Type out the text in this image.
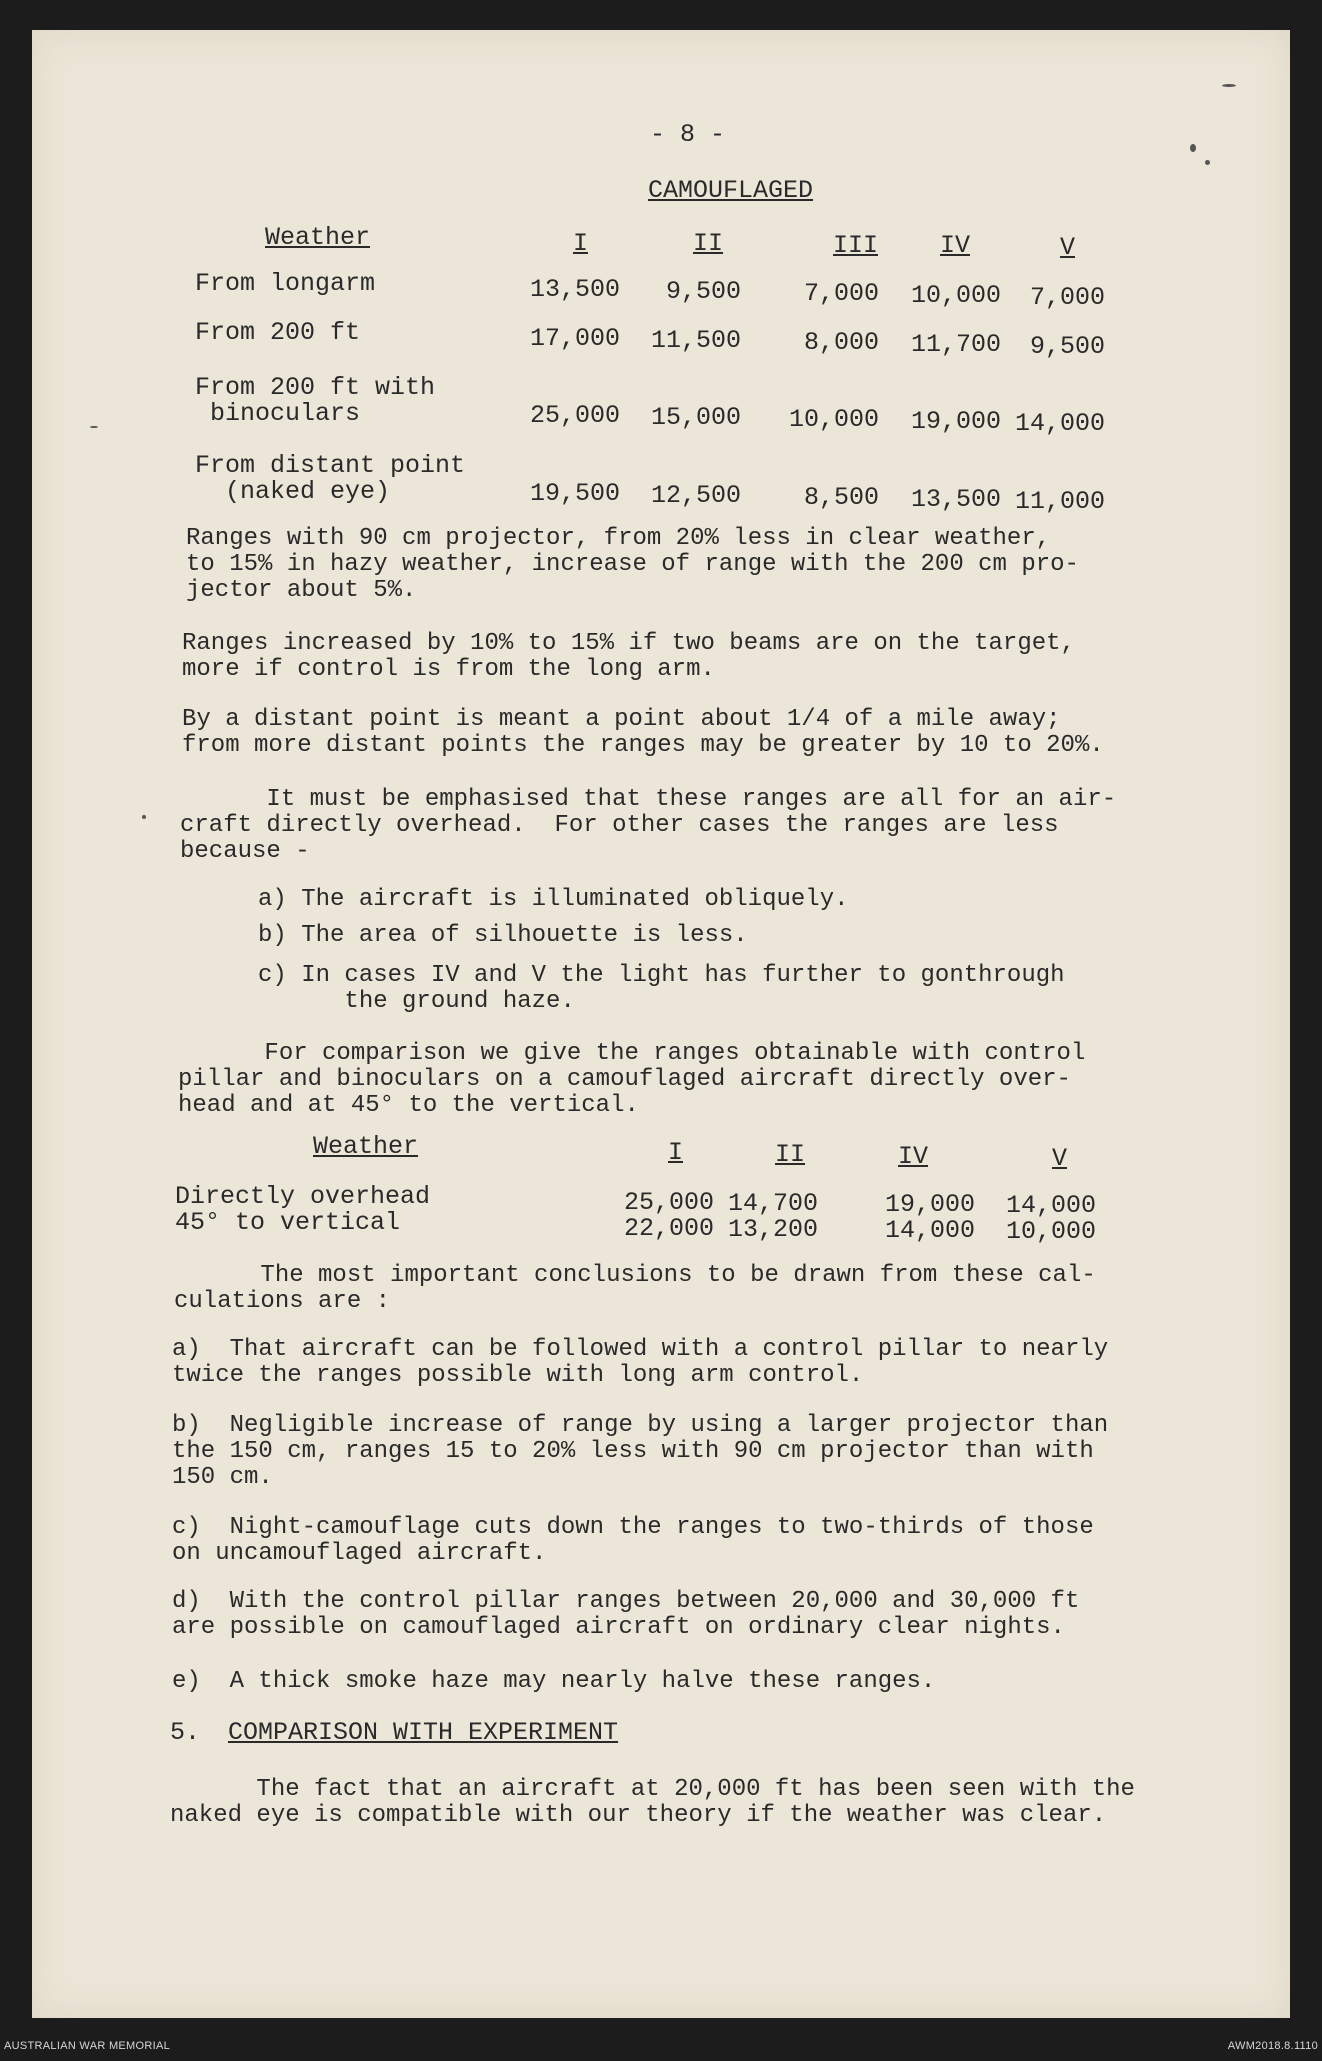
- 8 -
CAMOUFLAGED
Weather	I	II	III IV	V
From longarm	13,500	9,500	7,000	10,000	7,000
From 200 ft	17,000	11,500	8,000	11,700	9,500
From 200 ft with
binoculars	25,000	15,000	10,000	19,000 14,000
From distant point
(naked eye)	19,500	12,500	8,500	13,500 11,000
Ranges with 90 cm projector, from 20% less in clear weather,
to 15% in hazy weather, increase of range with the 200 cm pro-
jector about 5%.
Ranges increased by 10% to 15% if two beams are on the target,
more if control is from the long arm.
By a distant point is meant a point about 1/4 of a mile away;
from more distant points the ranges may be greater by 10 to 20%.
It must be emphasised that these ranges are all for an air-
craft directly overhead.  For other cases the ranges are less
because -
a) The aircraft is illuminated obliquely.
b) The area of silhouette is less.
c) In cases IV and V the light has further to gonthrough
the ground haze.
For comparison we give the ranges obtainable with control
pillar and binoculars on a camouflaged aircraft directly over-
head and at 45° to the vertical.
Weather	I	II	IV	V
Directly overhead	25,000 14,700	19,000	14,000
45° to vertical	22,000 13,200	14,000	10,000
The most important conclusions to be drawn from these cal-
culations are :
a)  That aircraft can be followed with a control pillar to nearly
twice the ranges possible with long arm control.
b)  Negligible increase of range by using a larger projector than
the 150 cm, ranges 15 to 20% less with 90 cm projector than with
150 cm.
c)  Night-camouflage cuts down the ranges to two-thirds of those
on uncamouflaged aircraft.
d)  With the control pillar ranges between 20,000 and 30,000 ft
are possible on camouflaged aircraft on ordinary clear nights.
e)  A thick smoke haze may nearly halve these ranges.
5. COMPARISON WITH EXPERIMENT
The fact that an aircraft at 20,000 ft has been seen with the
naked eye is compatible with our theory if the weather was clear.
AUSTRALIAN WAR MEMORIAL	AWM2018.8.1110
